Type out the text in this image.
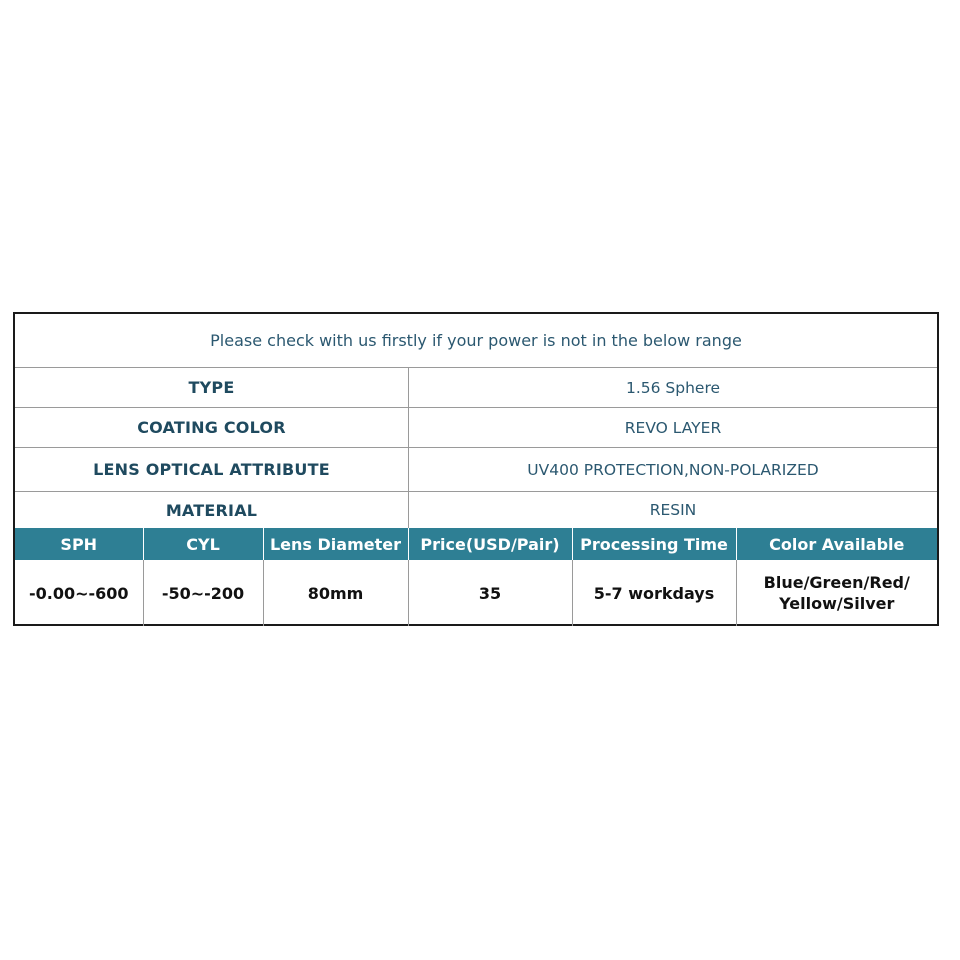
Please check with us firstly if your power is not in the below range
TYPE	1.56 Sphere
COATING COLOR	REVO LAYER
LENS OPTICAL ATTRIBUTE	UV400 PROTECTION,NON-POLARIZED
MATERIAL	RESIN
SPH	CYL	Lens Diameter	Price(USD/Pair)	Processing Time	Color Available
-0.00~-600	-50~-200	80mm	35	5-7 workdays	Blue/Green/Red/ Yellow/Silver
